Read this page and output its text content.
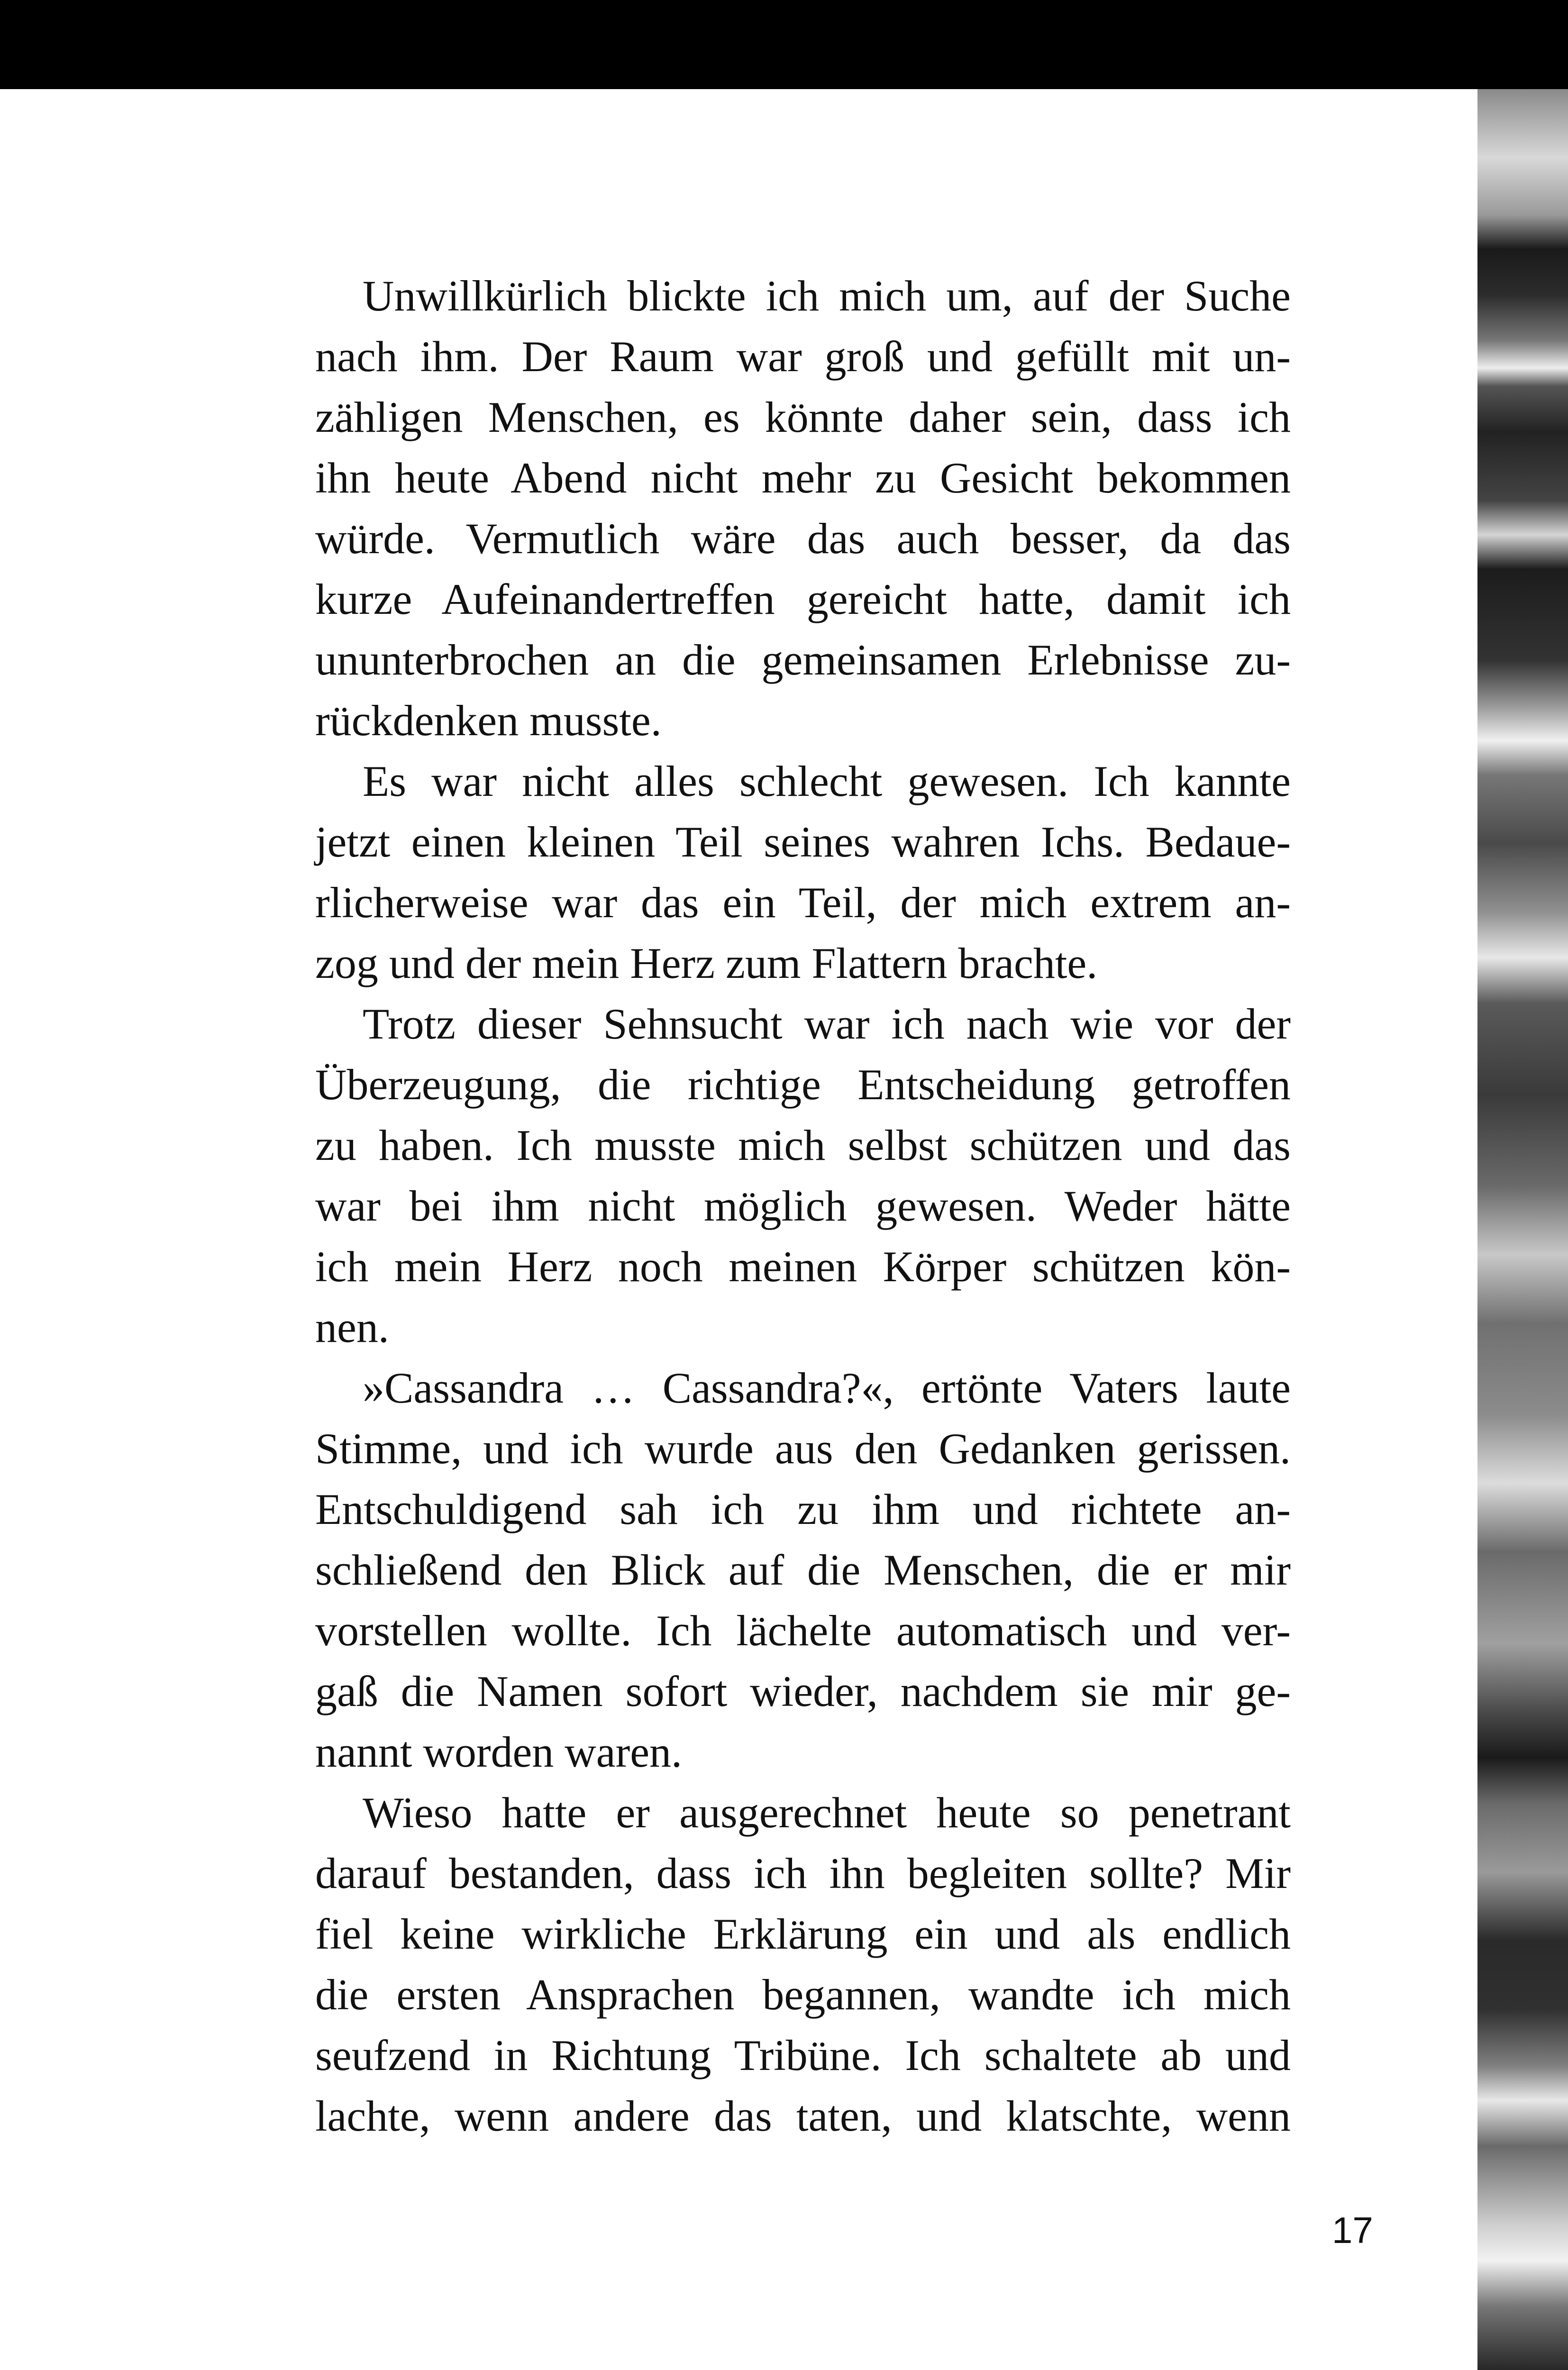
Unwillkürlich blickte ich mich um, auf der Suche
nach ihm. Der Raum war groß und gefüllt mit un-
zähligen Menschen, es könnte daher sein, dass ich
ihn heute Abend nicht mehr zu Gesicht bekommen
würde. Vermutlich wäre das auch besser, da das
kurze Aufeinandertreffen gereicht hatte, damit ich
ununterbrochen an die gemeinsamen Erlebnisse zu-
rückdenken musste.
Es war nicht alles schlecht gewesen. Ich kannte
jetzt einen kleinen Teil seines wahren Ichs. Bedaue-
rlicherweise war das ein Teil, der mich extrem an-
zog und der mein Herz zum Flattern brachte.
Trotz dieser Sehnsucht war ich nach wie vor der
Überzeugung, die richtige Entscheidung getroffen
zu haben. Ich musste mich selbst schützen und das
war bei ihm nicht möglich gewesen. Weder hätte
ich mein Herz noch meinen Körper schützen kön-
nen.
»Cassandra … Cassandra?«, ertönte Vaters laute
Stimme, und ich wurde aus den Gedanken gerissen.
Entschuldigend sah ich zu ihm und richtete an-
schließend den Blick auf die Menschen, die er mir
vorstellen wollte. Ich lächelte automatisch und ver-
gaß die Namen sofort wieder, nachdem sie mir ge-
nannt worden waren.
Wieso hatte er ausgerechnet heute so penetrant
darauf bestanden, dass ich ihn begleiten sollte? Mir
fiel keine wirkliche Erklärung ein und als endlich
die ersten Ansprachen begannen, wandte ich mich
seufzend in Richtung Tribüne. Ich schaltete ab und
lachte, wenn andere das taten, und klatschte, wenn
17
